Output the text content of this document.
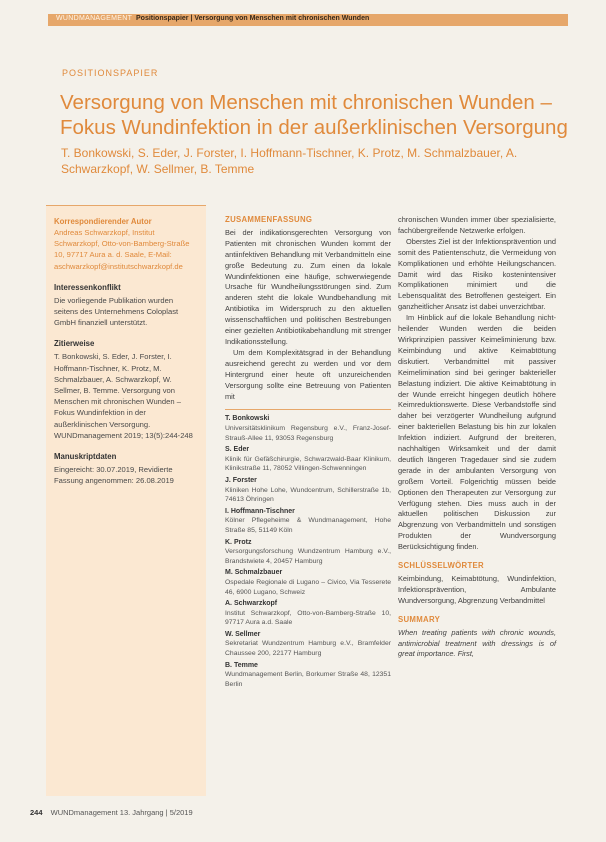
WUNDMANAGEMENT Positionspapier | Versorgung von Menschen mit chronischen Wunden
POSITIONSPAPIER
Versorgung von Menschen mit chronischen Wunden – Fokus Wundinfektion in der außerklinischen Versorgung
T. Bonkowski, S. Eder, J. Forster, I. Hoffmann-Tischner, K. Protz, M. Schmalzbauer, A. Schwarzkopf, W. Sellmer, B. Temme
Korrespondierender Autor

Andreas Schwarzkopf, Institut Schwarzkopf, Otto-von-Bamberg-Straße 10, 97717 Aura a. d. Saale, E-Mail: aschwarzkopf@institutschwarzkopf.de

Interessenkonflikt

Die vorliegende Publikation wurden seitens des Unternehmens Coloplast GmbH finanziell unterstützt.

Zitierweise

T. Bonkowski, S. Eder, J. Forster, I. Hoffmann-Tischner, K. Protz, M. Schmalzbauer, A. Schwarzkopf, W. Sellmer, B. Temme. Versorgung von Menschen mit chronischen Wunden – Fokus Wundinfektion in der außerklinischen Versorgung. WUNDmanagement 2019; 13(5):244-248

Manuskriptdaten

Eingereicht: 30.07.2019, Revidierte Fassung angenommen: 26.08.2019

ZUSAMMENFASSUNG

Bei der indikationsgerechten Versorgung von Patienten mit chronischen Wunden kommt der antiinfektiven Behandlung mit Verbandmitteln eine große Bedeutung zu. Zum einen da lokale Wundinfektionen eine häufige, schwerwiegende Ursache für Wundheilungsstörungen sind. Zum anderen steht die lokale Wundbehandlung mit Antibiotika im Widerspruch zu den aktuellen wissenschaftlichen und politischen Bestrebungen einer gezielten Antibiotikabehandlung mit strenger Indikationsstellung.

Um dem Komplexitätsgrad in der Behandlung ausreichend gerecht zu werden und vor dem Hintergrund einer heute oft unzureichenden Versorgung sollte eine Betreuung von Patienten mit

T. Bonkowski
Universitätsklinikum Regensburg e.V., Franz-Josef-Strauß-Allee 11, 93053 Regensburg
S. Eder
Klinik für Gefäßchirurgie, Schwarzwald-Baar Klinikum, Klinikstraße 11, 78052 Villingen-Schwenningen
J. Forster
Kliniken Hohe Lohe, Wundcentrum, Schillerstraße 1b, 74613 Öhringen
I. Hoffmann-Tischner
Kölner Pflegeheime & Wundmanagement, Hohe Straße 85, 51149 Köln
K. Protz
Versorgungsforschung Wundzentrum Hamburg e.V., Brandstwiete 4, 20457 Hamburg
M. Schmalzbauer
Ospedale Regionale di Lugano – Civico, Via Tesserete 46, 6900 Lugano, Schweiz
A. Schwarzkopf
Institut Schwarzkopf, Otto-von-Bamberg-Straße 10, 97717 Aura a.d. Saale
W. Sellmer
Sekretariat Wundzentrum Hamburg e.V., Bramfelder Chaussee 200, 22177 Hamburg
B. Temme
Wundmanagement Berlin, Borkumer Straße 48, 12351 Berlin

chronischen Wunden immer über spezialisierte, fachübergreifende Netzwerke erfolgen.

Oberstes Ziel ist der Infektionsprävention und somit des Patientenschutz, die Vermeidung von Komplikationen und erhöhte Heilungschancen. Damit wird das Risiko kostenintensiver Komplikationen minimiert und die Lebensqualität des Betroffenen gesteigert. Ein ganzheitlicher Ansatz ist dabei unverzichtbar.

Im Hinblick auf die lokale Behandlung nicht-heilender Wunden werden die beiden Wirkprinzipien passiver Keimeliminierung bzw. Keimbindung und aktive Keimabtötung diskutiert. Verbandmittel mit passiver Keimelimination sind bei geringer bakterieller Belastung indiziert. Die aktive Keimabtötung in der Wunde erreicht hingegen deutlich höhere Keimreduktionswerte. Diese Verbandstoffe sind daher bei verzögerter Wundheilung aufgrund einer bakteriellen Belastung bis hin zur lokalen Infektion indiziert. Aufgrund der breiteren, nachhaltigen Wirksamkeit und der damit deutlich längeren Tragedauer sind sie zudem gerade in der ambulanten Versorgung von großem Vorteil. Folgerichtig müssen beide Optionen den Therapeuten zur Versorgung zur Verfügung stehen. Dies muss auch in der aktuellen politischen Diskussion zur Abgrenzung von Verbandmitteln und sonstigen Produkten der Wundversorgung Berücksichtigung finden.

SCHLÜSSELWÖRTER

Keimbindung, Keimabtötung, Wundinfektion, Infektionsprävention, Ambulante Wundversorgung, Abgrenzung Verbandmittel

SUMMARY

When treating patients with chronic wounds, antimicrobial treatment with dressings is of great importance. First,

244 WUNDmanagement 13. Jahrgang | 5/2019
